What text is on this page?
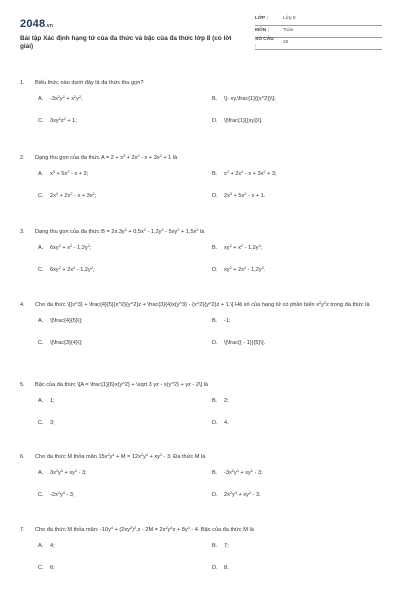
2048.vn
Bài tập Xác định hạng tử của đa thức và bậc của đa thức lớp 8 (có lời giải)
LỚP :	Lớp 8
MÔN :	Toán
SỐ CÂU :
25
1.	Biểu thức nào dưới đây là đa thức thu gọn?
A.	$-3x^2y^2 + x^2y^2$;	B.	\[- xy.\frac{1}{{x^2}}\];
C.	$3xy^2z^2 + 1$;	D.	\[\frac{1}{{xy}}\].
2.	Dạng thu gọn của đa thức $A = 2 + x^3 + 2x^2 - x + 3x^2 + 1$ là
A.	$x^3 + 5x^2 - x + 3$;	B.	$x^3 + 2x^2 - x + 3x^2 + 3$;
C.	$2x^3 + 2x^2 - x + 3x^2$;	D.	$2x^3 + 5x^2 - x + 1$.
3.	Dạng thu gọn của đa thức $B = 2x.3y^2 + 0,5x^2 - 1,2y^2 - 5xy^2 + 1,5x^2$ là
A.	$6xy^2 + x^2 - 1,2y^2$;	B.	$xy^2 + x^2 - 1,2y^2$;
C.	$6xy^2 + 2x^2 - 1,2y^2$;	D.	$xy^2 + 2x^2 - 1,2y^2$.
4.	Cho đa thức \[{x^3} + \frac{4}{5}{x^2}{y^2}z + \frac{3}{4}x{y^3} - {x^2}{y^2}z + 1.\] Hệ số của hạng tử có phần biến $x^2y^2z$ trong đa thức là
A.	\[\frac{4}{5}\];	B.	-1;
C.	\[\frac{3}{4}\];	D.	\[\frac{{ - 1}}{5}\].
5.	Bậc của đa thức \[A = \frac{1}{6}x{y^2} + \sqrt 3 yz - x{y^2} + yz - 2\] là
A.	1;	B.	2;
C.	3;	D.	4.
6.	Cho đa thức M thỏa mãn $15x^2y^4 + M = 12x^2y^4 + xy^2 - 3$. Đa thức M là
A.	$3x^2y^4 + xy^2 - 3$;	B.	$-3x^2y^4 + xy^2 - 3$;
C.	$-2x^2y^4 - 3$;	D.	$2x^2y^4 + xy^2 - 3$.
7.	Cho đa thức M thỏa mãn: $-10y^4 + (2xy^2)^2.z - 2M = 2x^2y^4z + 8y^4 - 4$. Bậc của đa thức M là
A.	4;	B.	7;
C.	6;	D.	8.
